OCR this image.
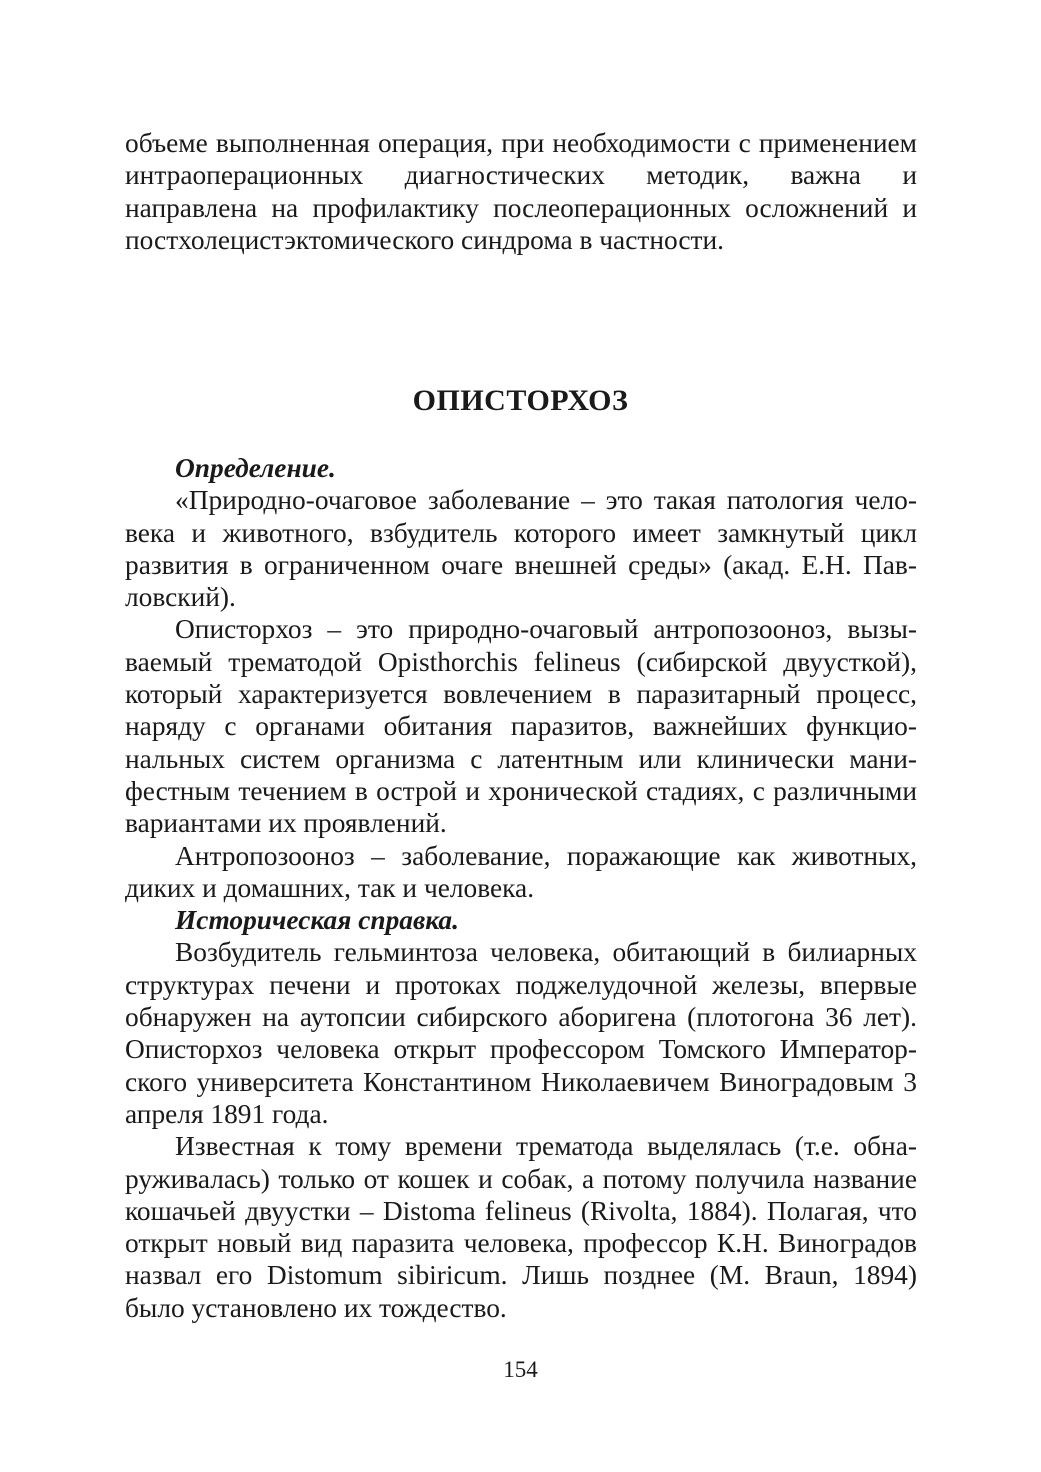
объеме выполненная операция, при необходимости с применением интраоперационных диагностических методик, важна и направлена на профилактику послеоперационных осложнений и постхолецистэктомического синдрома в частности.

ОПИСТОРХОЗ

Определение.

«Природно-очаговое заболевание – это такая патология человека и животного, взбудитель которого имеет замкнутый цикл развития в ограниченном очаге внешней среды» (акад. Е.Н. Павловский).

Описторхоз – это природно-очаговый антропозооноз, вызываемый трематодой Opisthorchis felineus (сибирской двуусткой), который характеризуется вовлечением в паразитарный процесс, наряду с органами обитания паразитов, важнейших функциональных систем организма с латентным или клинически манифестным течением в острой и хронической стадиях, с различными вариантами их проявлений.

Антропозооноз – заболевание, поражающие как животных, диких и домашних, так и человека.

Историческая справка.

Возбудитель гельминтоза человека, обитающий в билиарных структурах печени и протоках поджелудочной железы, впервые обнаружен на аутопсии сибирского аборигена (плотогона 36 лет). Описторхоз человека открыт профессором Томского Императорского университета Константином Николаевичем Виноградовым 3 апреля 1891 года.

Известная к тому времени трематода выделялась (т.е. обнаруживалась) только от кошек и собак, а потому получила название кошачьей двуустки – Distoma felineus (Rivolta, 1884). Полагая, что открыт новый вид паразита человека, профессор К.Н. Виноградов назвал его Distomum sibiricum. Лишь позднее (M. Braun, 1894) было установлено их тождество.

154
